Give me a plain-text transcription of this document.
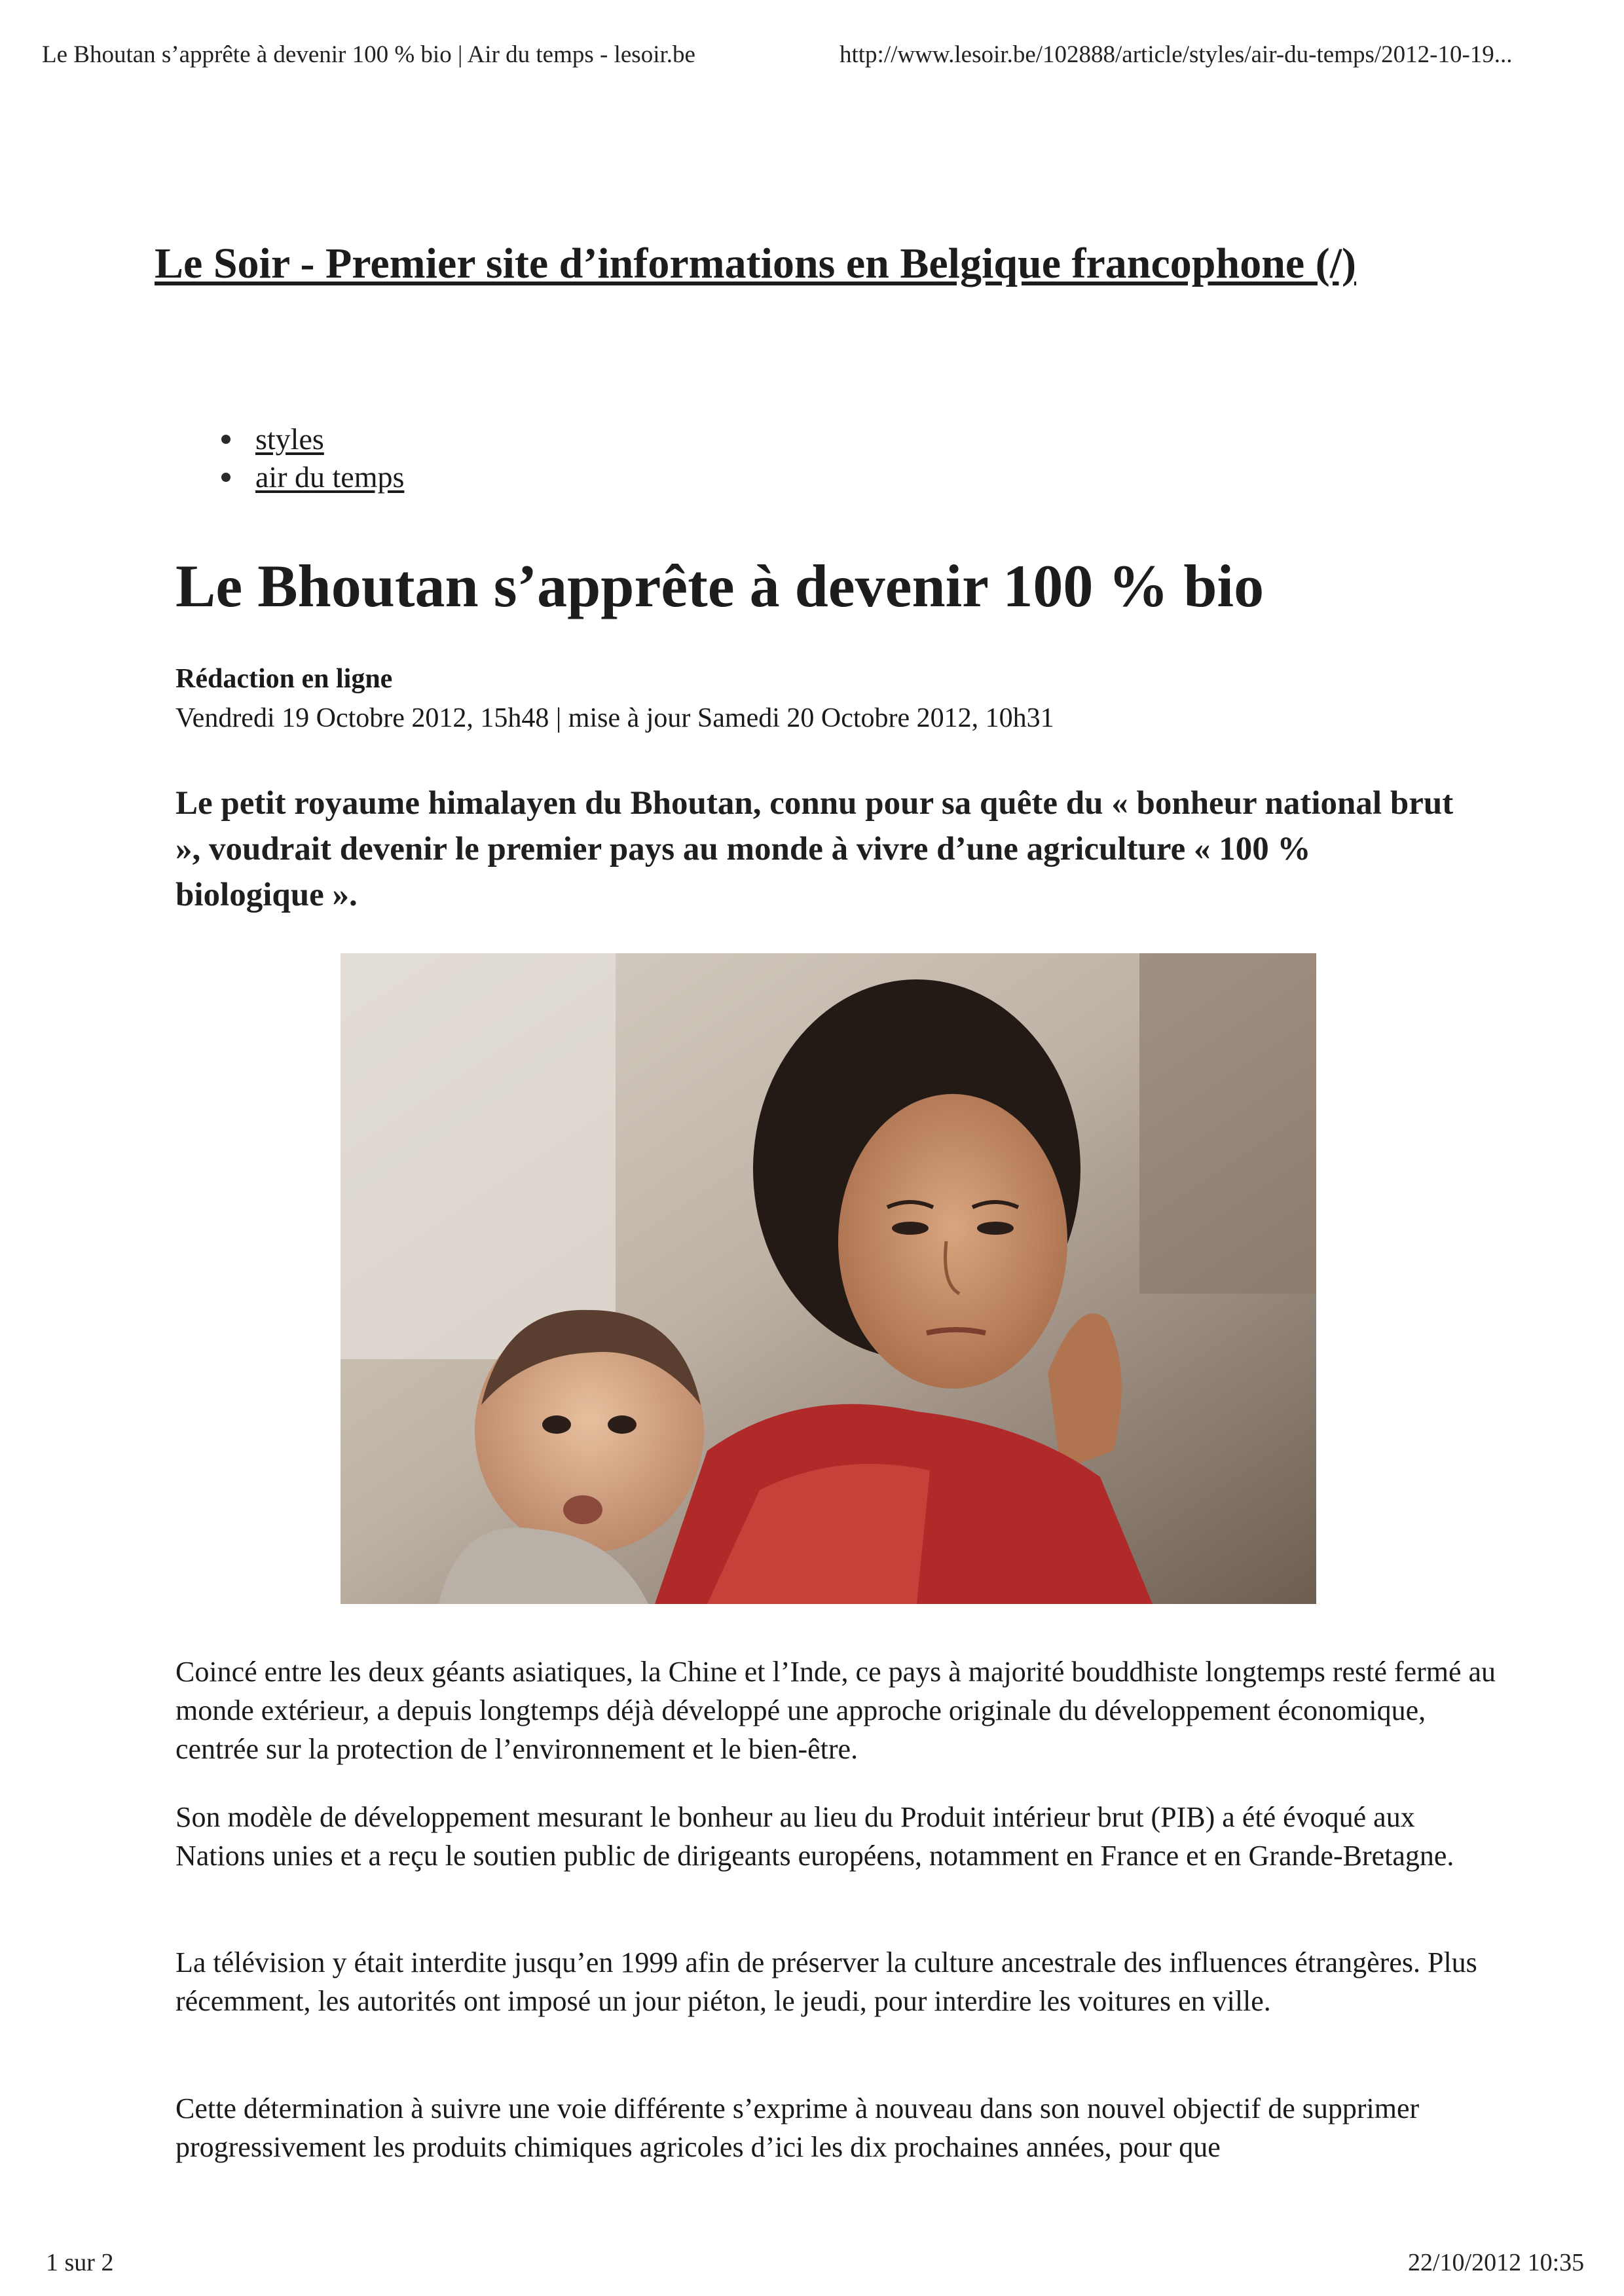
Le Bhoutan s’apprête à devenir 100 % bio | Air du temps - lesoir.be	http://www.lesoir.be/102888/article/styles/air-du-temps/2012-10-19...
Le Soir - Premier site d’informations en Belgique francophone (/)
styles
air du temps
Le Bhoutan s’apprête à devenir 100 % bio
Rédaction en ligne
Vendredi 19 Octobre 2012, 15h48 | mise à jour Samedi 20 Octobre 2012, 10h31
Le petit royaume himalayen du Bhoutan, connu pour sa quête du « bonheur national brut », voudrait devenir le premier pays au monde à vivre d’une agriculture « 100 % biologique ».

Coincé entre les deux géants asiatiques, la Chine et l’Inde, ce pays à majorité bouddhiste longtemps resté fermé au monde extérieur, a depuis longtemps déjà développé une approche originale du développement économique, centrée sur la protection de l’environnement et le bien-être.

Son modèle de développement mesurant le bonheur au lieu du Produit intérieur brut (PIB) a été évoqué aux Nations unies et a reçu le soutien public de dirigeants européens, notamment en France et en Grande-Bretagne.

La télévision y était interdite jusqu’en 1999 afin de préserver la culture ancestrale des influences étrangères. Plus récemment, les autorités ont imposé un jour piéton, le jeudi, pour interdire les voitures en ville.

Cette détermination à suivre une voie différente s’exprime à nouveau dans son nouvel objectif de supprimer progressivement les produits chimiques agricoles d’ici les dix prochaines années, pour que

1 sur 2	22/10/2012 10:35
